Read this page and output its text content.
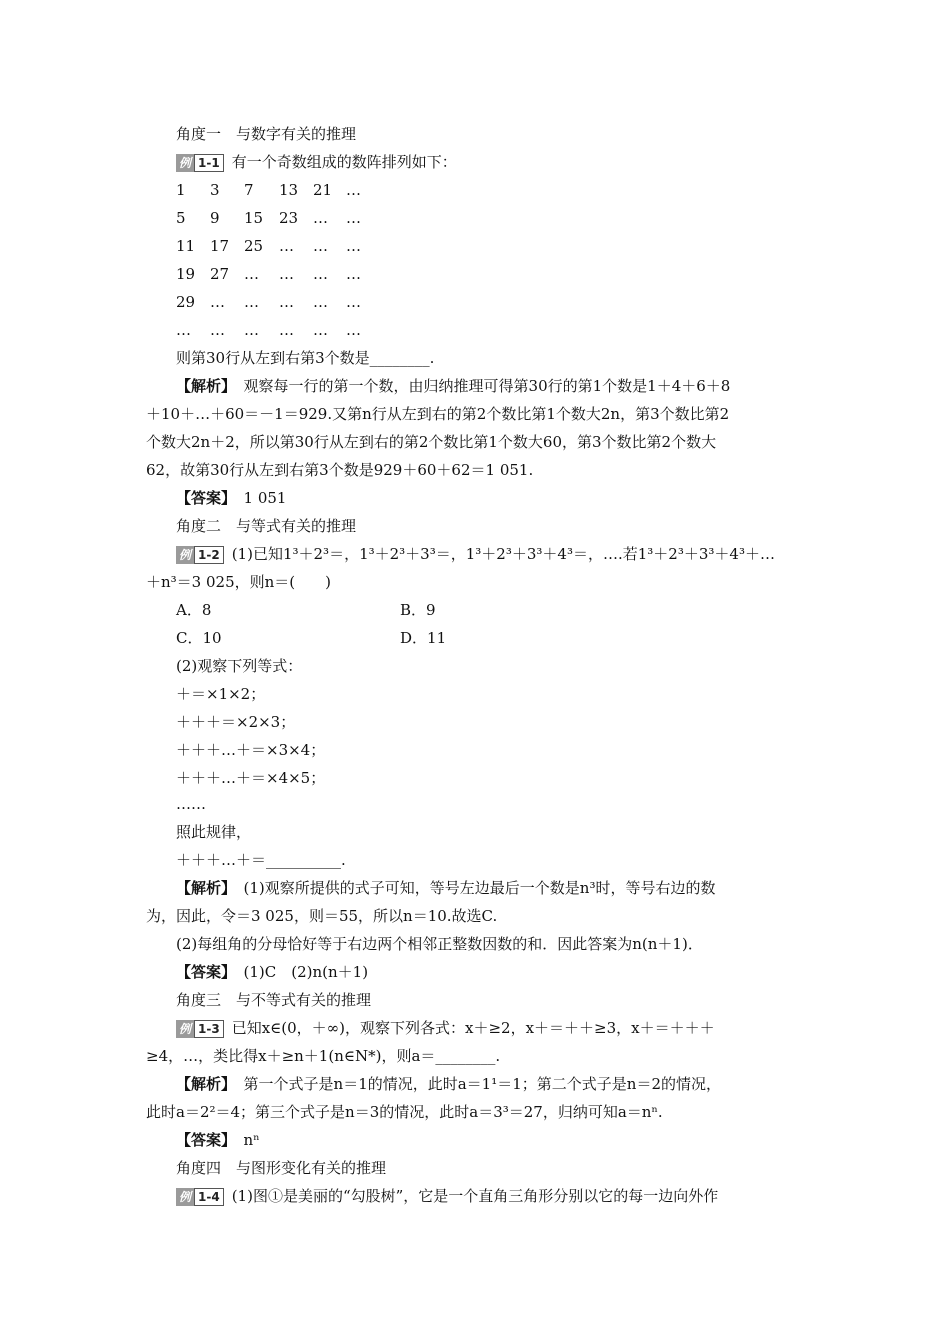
角度一　与数字有关的推理
例 1-1 有一个奇数组成的数阵排列如下：
1 3 7 13 21 …
5 9 15 23 … …
11 17 25 … … …
19 27 … … … …
29 … … … … …
… … … … … …
则第30行从左到右第3个数是________.
【解析】　 观察每一行的第一个数，由归纳推理可得第30行的第1个数是1＋4＋6＋8
＋10＋…＋60＝－1＝929.又第n行从左到右的第2个数比第1个数大2n，第3个数比第2
个数大2n＋2，所以第30行从左到右的第2个数比第1个数大60，第3个数比第2个数大
62，故第30行从左到右第3个数是929＋60＋62＝1 051.
【答案】　 1 051
角度二　与等式有关的推理
例 1-2 (1)已知1³＋2³＝，1³＋2³＋3³＝，1³＋2³＋3³＋4³＝，….若1³＋2³＋3³＋4³＋…
＋n³＝3 025，则n＝(　　)
A．8	B．9
C．10	D．11
(2)观察下列等式：
＋＝×1×2；
＋＋＋＝×2×3；
＋＋＋…＋＝×3×4；
＋＋＋…＋＝×4×5；
……
照此规律，
＋＋＋…＋＝__________.
【解析】　 (1)观察所提供的式子可知，等号左边最后一个数是n³时，等号右边的数
为，因此，令＝3 025，则＝55，所以n＝10.故选C.
(2)每组角的分母恰好等于右边两个相邻正整数因数的和．因此答案为n(n＋1)．
【答案】　 (1)C　(2)n(n＋1)
角度三　与不等式有关的推理
例 1-3 已知x∈(0，＋∞)，观察下列各式：x＋≥2，x＋＝＋＋≥3，x＋＝＋＋＋
≥4，…，类比得x＋≥n＋1(n∈N*)，则a＝________.
【解析】　 第一个式子是n＝1的情况，此时a＝1¹＝1；第二个式子是n＝2的情况，
此时a＝2²＝4；第三个式子是n＝3的情况，此时a＝3³＝27，归纳可知a＝nⁿ.
【答案】　 nⁿ
角度四　与图形变化有关的推理
例 1-4 (1)图①是美丽的“勾股树”，它是一个直角三角形分别以它的每一边向外作
